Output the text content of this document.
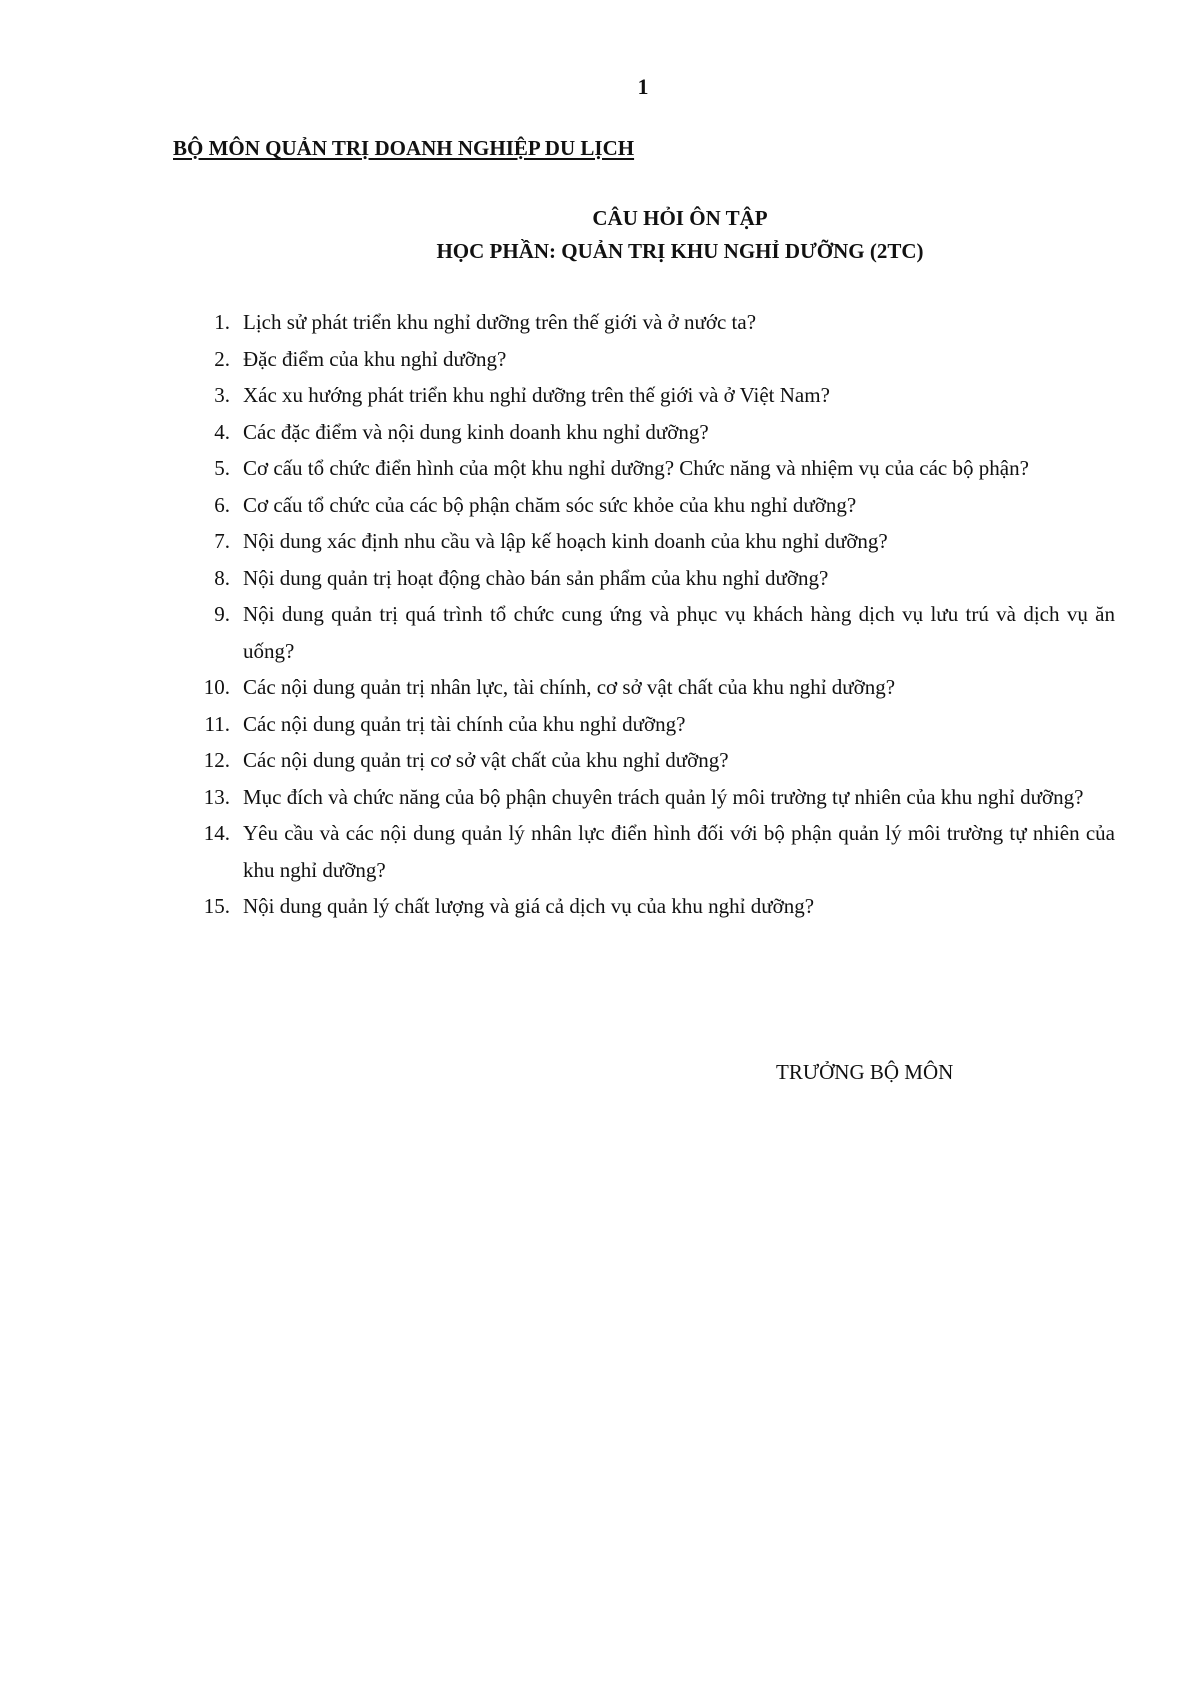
1
BỘ MÔN QUẢN TRỊ DOANH NGHIỆP DU LỊCH
CÂU HỎI ÔN TẬP
HỌC PHẦN: QUẢN TRỊ KHU NGHỈ DƯỠNG (2TC)
1. Lịch sử phát triển khu nghỉ dưỡng trên thế giới và ở nước ta?
2. Đặc điểm của khu nghỉ dưỡng?
3. Xác xu hướng phát triển khu nghỉ dưỡng trên thế giới và ở Việt Nam?
4. Các đặc điểm và nội dung kinh doanh khu nghỉ dưỡng?
5. Cơ cấu tổ chức điển hình của một khu nghỉ dưỡng? Chức năng và nhiệm vụ của các bộ phận?
6. Cơ cấu tổ chức của các bộ phận chăm sóc sức khỏe của khu nghỉ dưỡng?
7. Nội dung xác định nhu cầu và lập kế hoạch kinh doanh của khu nghỉ dưỡng?
8. Nội dung quản trị hoạt động chào bán sản phẩm của khu nghỉ dưỡng?
9. Nội dung quản trị quá trình tổ chức cung ứng và phục vụ khách hàng dịch vụ lưu trú và dịch vụ ăn uống?
10. Các nội dung quản trị nhân lực, tài chính, cơ sở vật chất của khu nghỉ dưỡng?
11. Các nội dung quản trị tài chính của khu nghỉ dưỡng?
12. Các nội dung quản trị cơ sở vật chất của khu nghỉ dưỡng?
13. Mục đích và chức năng của bộ phận chuyên trách quản lý môi trường tự nhiên của khu nghỉ dưỡng?
14. Yêu cầu và các nội dung quản lý nhân lực điển hình đối với bộ phận quản lý môi trường tự nhiên của khu nghỉ dưỡng?
15. Nội dung quản lý chất lượng và giá cả dịch vụ của khu nghỉ dưỡng?
TRƯỞNG BỘ MÔN
